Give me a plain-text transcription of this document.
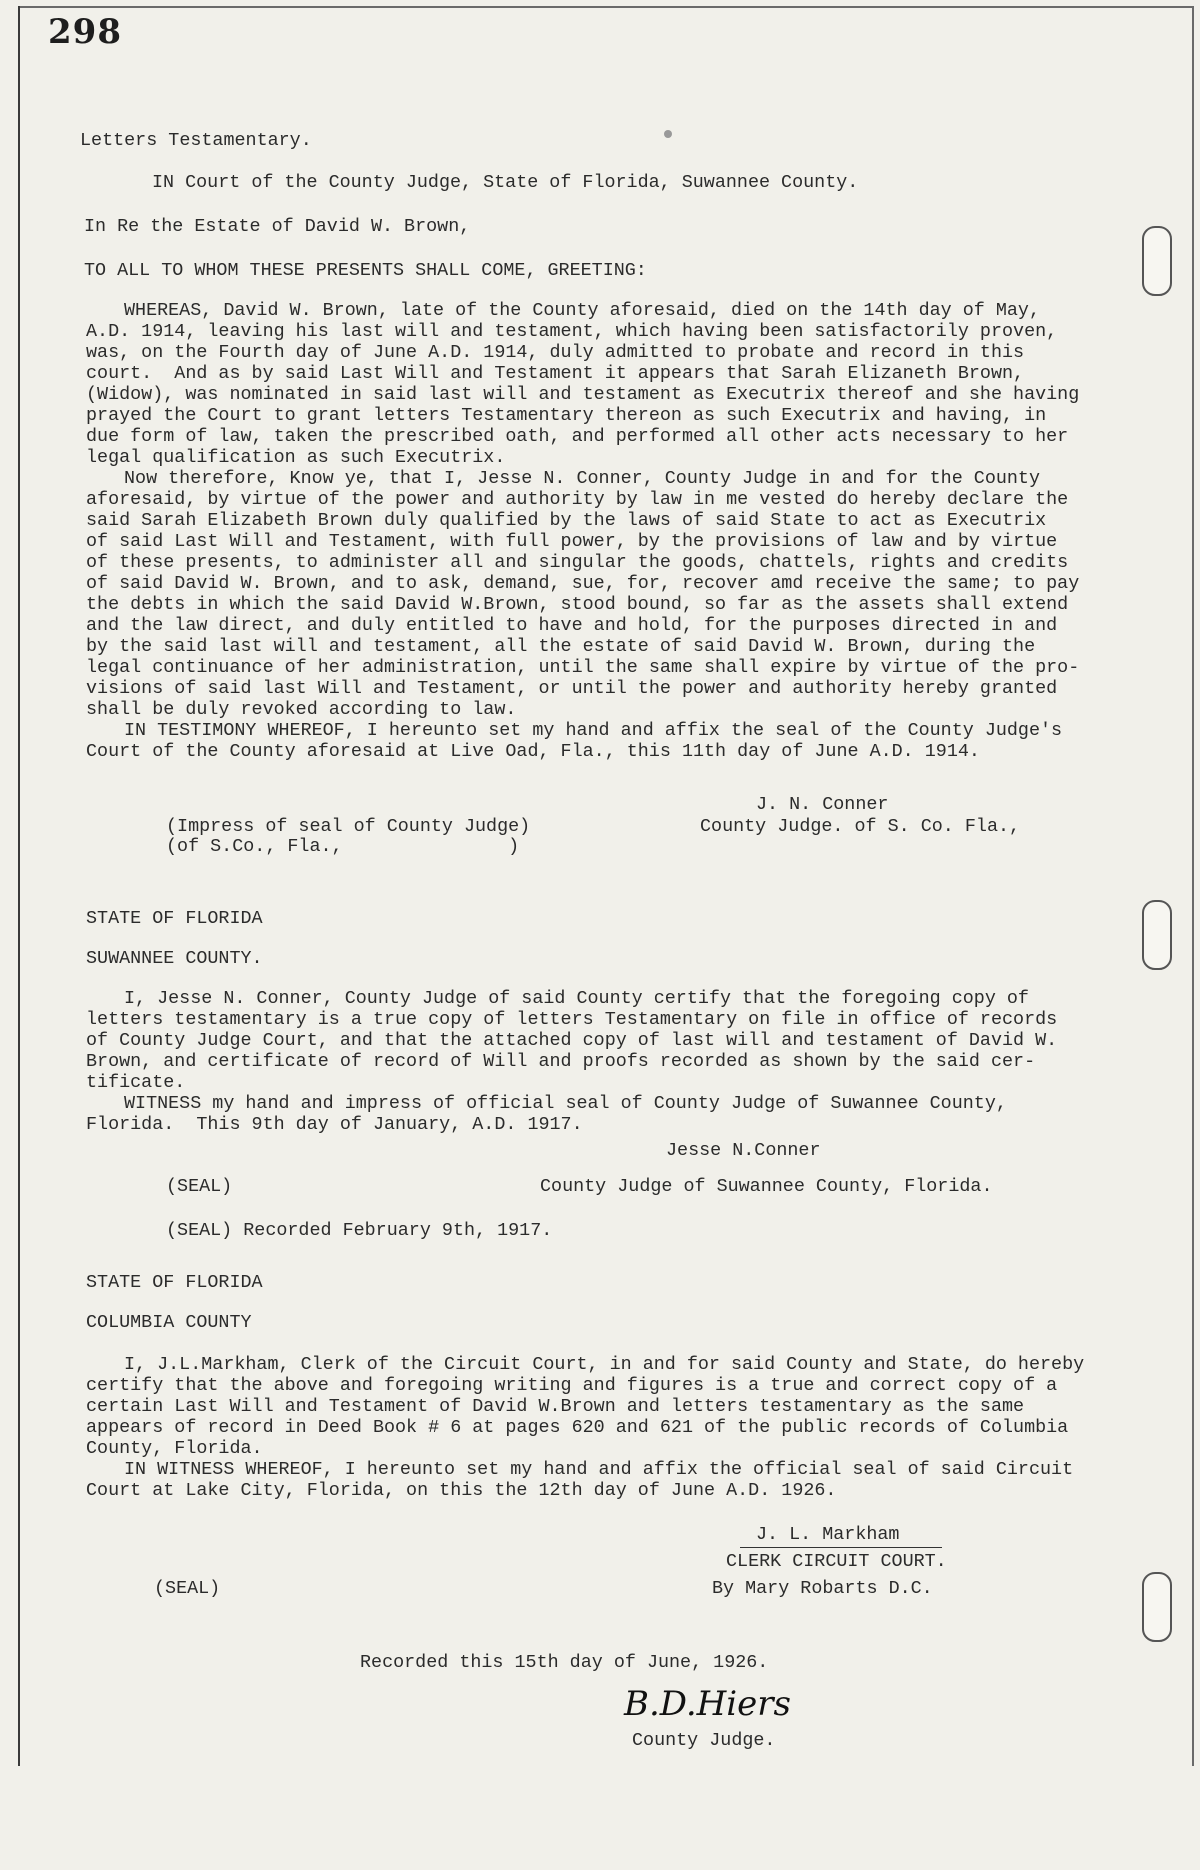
298
Letters Testamentary.
IN Court of the County Judge, State of Florida, Suwannee County.
In Re the Estate of David W. Brown,
TO ALL TO WHOM THESE PRESENTS SHALL COME, GREETING:
WHEREAS, David W. Brown, late of the County aforesaid, died on the 14th day of May,
A.D. 1914, leaving his last will and testament, which having been satisfactorily proven,
was, on the Fourth day of June A.D. 1914, duly admitted to probate and record in this
court.  And as by said Last Will and Testament it appears that Sarah Elizaneth Brown,
(Widow), was nominated in said last will and testament as Executrix thereof and she having
prayed the Court to grant letters Testamentary thereon as such Executrix and having, in
due form of law, taken the prescribed oath, and performed all other acts necessary to her
legal qualification as such Executrix.
Now therefore, Know ye, that I, Jesse N. Conner, County Judge in and for the County
aforesaid, by virtue of the power and authority by law in me vested do hereby declare the
said Sarah Elizabeth Brown duly qualified by the laws of said State to act as Executrix
of said Last Will and Testament, with full power, by the provisions of law and by virtue
of these presents, to administer all and singular the goods, chattels, rights and credits
of said David W. Brown, and to ask, demand, sue, for, recover amd receive the same; to pay
the debts in which the said David W.Brown, stood bound, so far as the assets shall extend
and the law direct, and duly entitled to have and hold, for the purposes directed in and
by the said last will and testament, all the estate of said David W. Brown, during the
legal continuance of her administration, until the same shall expire by virtue of the pro-
visions of said last Will and Testament, or until the power and authority hereby granted
shall be duly revoked according to law.
IN TESTIMONY WHEREOF, I hereunto set my hand and affix the seal of the County Judge's
Court of the County aforesaid at Live Oad, Fla., this 11th day of June A.D. 1914.
J. N. Conner
County Judge. of S. Co. Fla.,
(Impress of seal of County Judge)
(of S.Co., Fla.,               )
STATE OF FLORIDA
SUWANNEE COUNTY.
I, Jesse N. Conner, County Judge of said County certify that the foregoing copy of
letters testamentary is a true copy of letters Testamentary on file in office of records
of County Judge Court, and that the attached copy of last will and testament of David W.
Brown, and certificate of record of Will and proofs recorded as shown by the said cer-
tificate.
WITNESS my hand and impress of official seal of County Judge of Suwannee County,
Florida.  This 9th day of January, A.D. 1917.
Jesse N.Conner
(SEAL)	County Judge of Suwannee County, Florida.
(SEAL) Recorded February 9th, 1917.
STATE OF FLORIDA
COLUMBIA COUNTY
I, J.L.Markham, Clerk of the Circuit Court, in and for said County and State, do hereby
certify that the above and foregoing writing and figures is a true and correct copy of a
certain Last Will and Testament of David W.Brown and letters testamentary as the same
appears of record in Deed Book # 6 at pages 620 and 621 of the public records of Columbia
County, Florida.
IN WITNESS WHEREOF, I hereunto set my hand and affix the official seal of said Circuit
Court at Lake City, Florida, on this the 12th day of June A.D. 1926.
J. L. Markham
CLERK CIRCUIT COURT.
By Mary Robarts D.C.
(SEAL)
Recorded this 15th day of June, 1926.
B.D.Hiers
County Judge.
